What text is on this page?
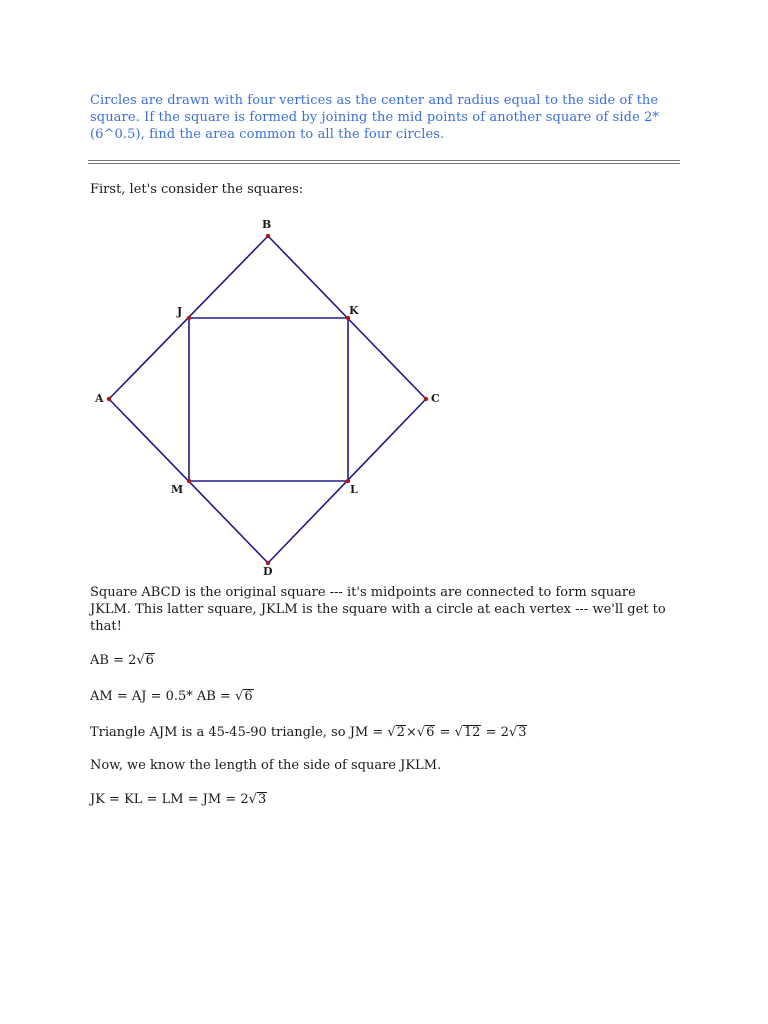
Circles are drawn with four vertices as the center and radius equal to the side of the square. If the square is formed by joining the mid points of another square of side 2*(6^0.5), find the area common to all the four circles.
First, let's consider the squares:
B
A	C
D
J	K
L
M
Square ABCD is the original square --- it's midpoints are connected to form square JKLM. This latter square, JKLM is the square with a circle at each vertex --- we'll get to that!
AB = 2√6
AM = AJ = 0.5* AB = √6
Triangle AJM is a 45-45-90 triangle, so JM = √2×√6 = √12 = 2√3
Now, we know the length of the side of square JKLM.
JK = KL = LM = JM = 2√3
